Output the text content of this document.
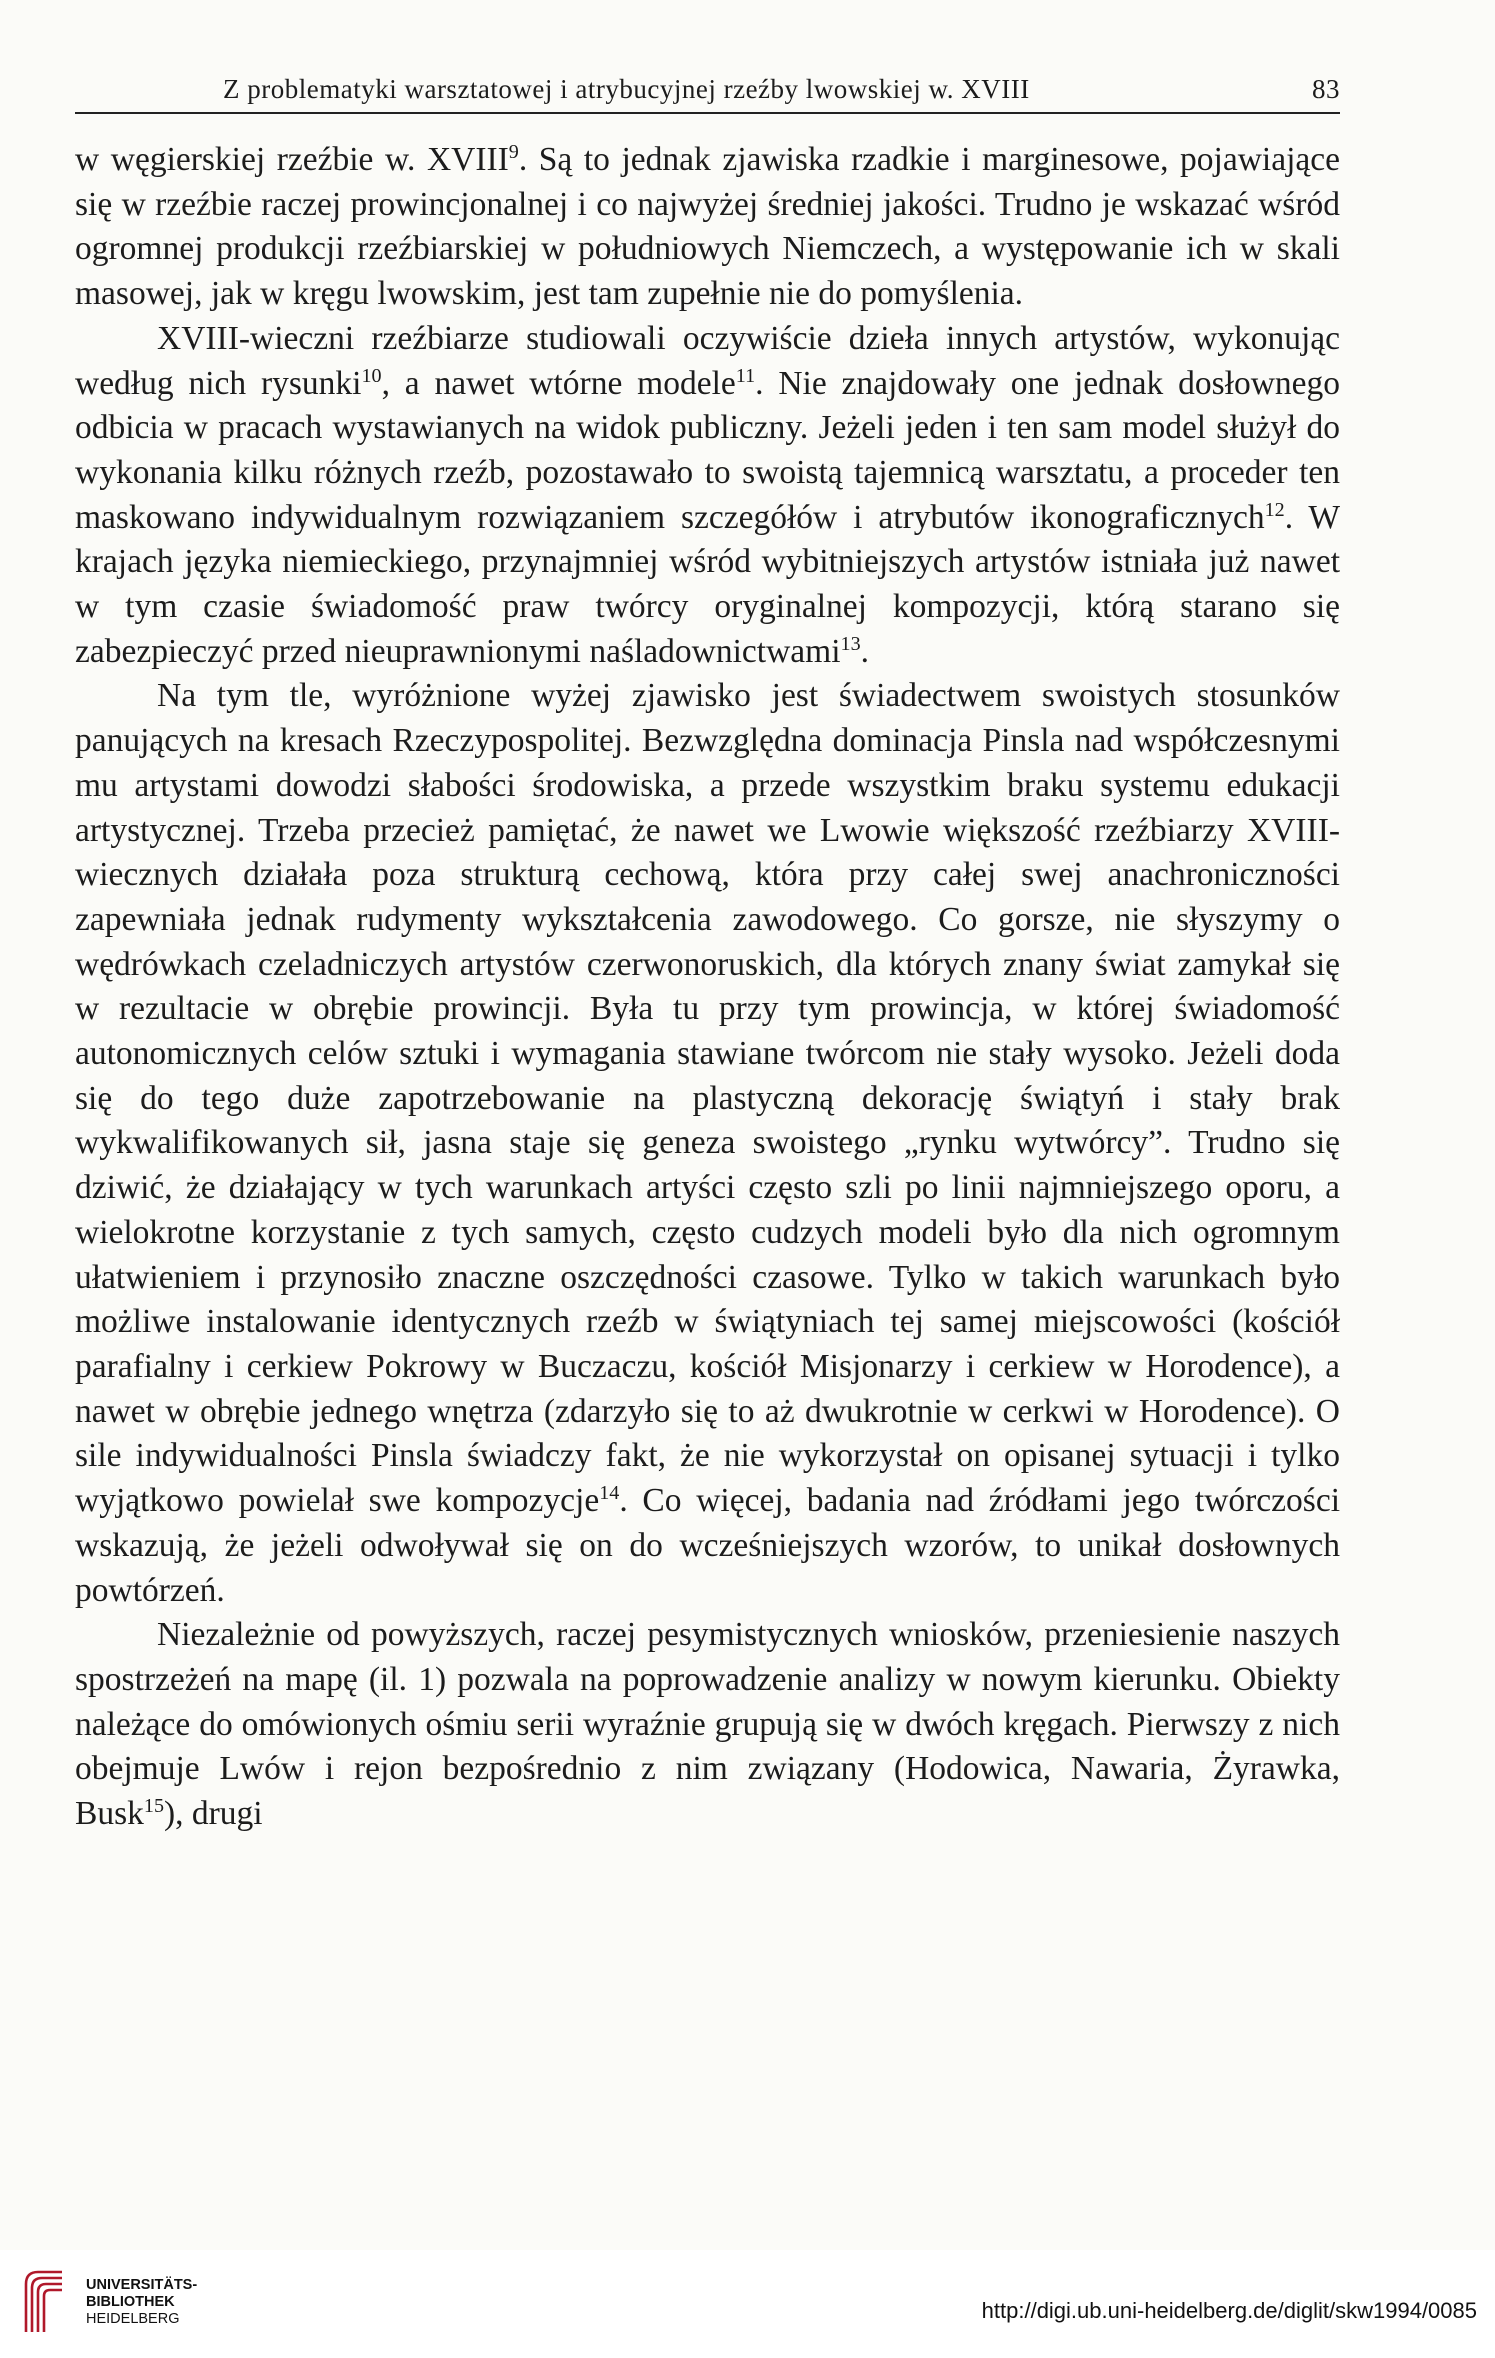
Z problematyki warsztatowej i atrybucyjnej rzeźby lwowskiej w. XVIII	83

w węgierskiej rzeźbie w. XVIII$^9$. Są to jednak zjawiska rzadkie i marginesowe, pojawiające się w rzeźbie raczej prowincjonalnej i co najwyżej średniej jakości. Trudno je wskazać wśród ogromnej produkcji rzeźbiarskiej w południowych Niemczech, a występowanie ich w skali masowej, jak w kręgu lwowskim, jest tam zupełnie nie do pomyślenia.

XVIII-wieczni rzeźbiarze studiowali oczywiście dzieła innych artystów, wykonując według nich rysunki$^{10}$, a nawet wtórne modele$^{11}$. Nie znajdowały one jednak dosłownego odbicia w pracach wystawianych na widok publiczny. Jeżeli jeden i ten sam model służył do wykonania kilku różnych rzeźb, pozostawało to swoistą tajemnicą warsztatu, a proceder ten maskowano indywidualnym rozwiązaniem szczegółów i atrybutów ikonograficznych$^{12}$. W krajach języka niemieckiego, przynajmniej wśród wybitniejszych artystów istniała już nawet w tym czasie świadomość praw twórcy oryginalnej kompozycji, którą starano się zabezpieczyć przed nieuprawnionymi naśladownictwami$^{13}$.

Na tym tle, wyróżnione wyżej zjawisko jest świadectwem swoistych stosunków panujących na kresach Rzeczypospolitej. Bezwzględna dominacja Pinsla nad współczesnymi mu artystami dowodzi słabości środowiska, a przede wszystkim braku systemu edukacji artystycznej. Trzeba przecież pamiętać, że nawet we Lwowie większość rzeźbiarzy XVIII-wiecznych działała poza strukturą cechową, która przy całej swej anachroniczności zapewniała jednak rudymenty wykształcenia zawodowego. Co gorsze, nie słyszymy o wędrówkach czeladniczych artystów czerwonoruskich, dla których znany świat zamykał się w rezultacie w obrębie prowincji. Była tu przy tym prowincja, w której świadomość autonomicznych celów sztuki i wymagania stawiane twórcom nie stały wysoko. Jeżeli doda się do tego duże zapotrzebowanie na plastyczną dekorację świątyń i stały brak wykwalifikowanych sił, jasna staje się geneza swoistego „rynku wytwórcy”. Trudno się dziwić, że działający w tych warunkach artyści często szli po linii najmniejszego oporu, a wielokrotne korzystanie z tych samych, często cudzych modeli było dla nich ogromnym ułatwieniem i przynosiło znaczne oszczędności czasowe. Tylko w takich warunkach było możliwe instalowanie identycznych rzeźb w świątyniach tej samej miejscowości (kościół parafialny i cerkiew Pokrowy w Buczaczu, kościół Misjonarzy i cerkiew w Horodence), a nawet w obrębie jednego wnętrza (zdarzyło się to aż dwukrotnie w cerkwi w Horodence). O sile indywidualności Pinsla świadczy fakt, że nie wykorzystał on opisanej sytuacji i tylko wyjątkowo powielał swe kompozycje$^{14}$. Co więcej, badania nad źródłami jego twórczości wskazują, że jeżeli odwoływał się on do wcześniejszych wzorów, to unikał dosłownych powtórzeń.

Niezależnie od powyższych, raczej pesymistycznych wniosków, przeniesienie naszych spostrzeżeń na mapę (il. 1) pozwala na poprowadzenie analizy w nowym kierunku. Obiekty należące do omówionych ośmiu serii wyraźnie grupują się w dwóch kręgach. Pierwszy z nich obejmuje Lwów i rejon bezpośrednio z nim związany (Hodowica, Nawaria, Żyrawka, Busk$^{15}$), drugi

UNIVERSITÄTS-
BIBLIOTHEK
HEIDELBERG	http://digi.ub.uni-heidelberg.de/diglit/skw1994/0085
